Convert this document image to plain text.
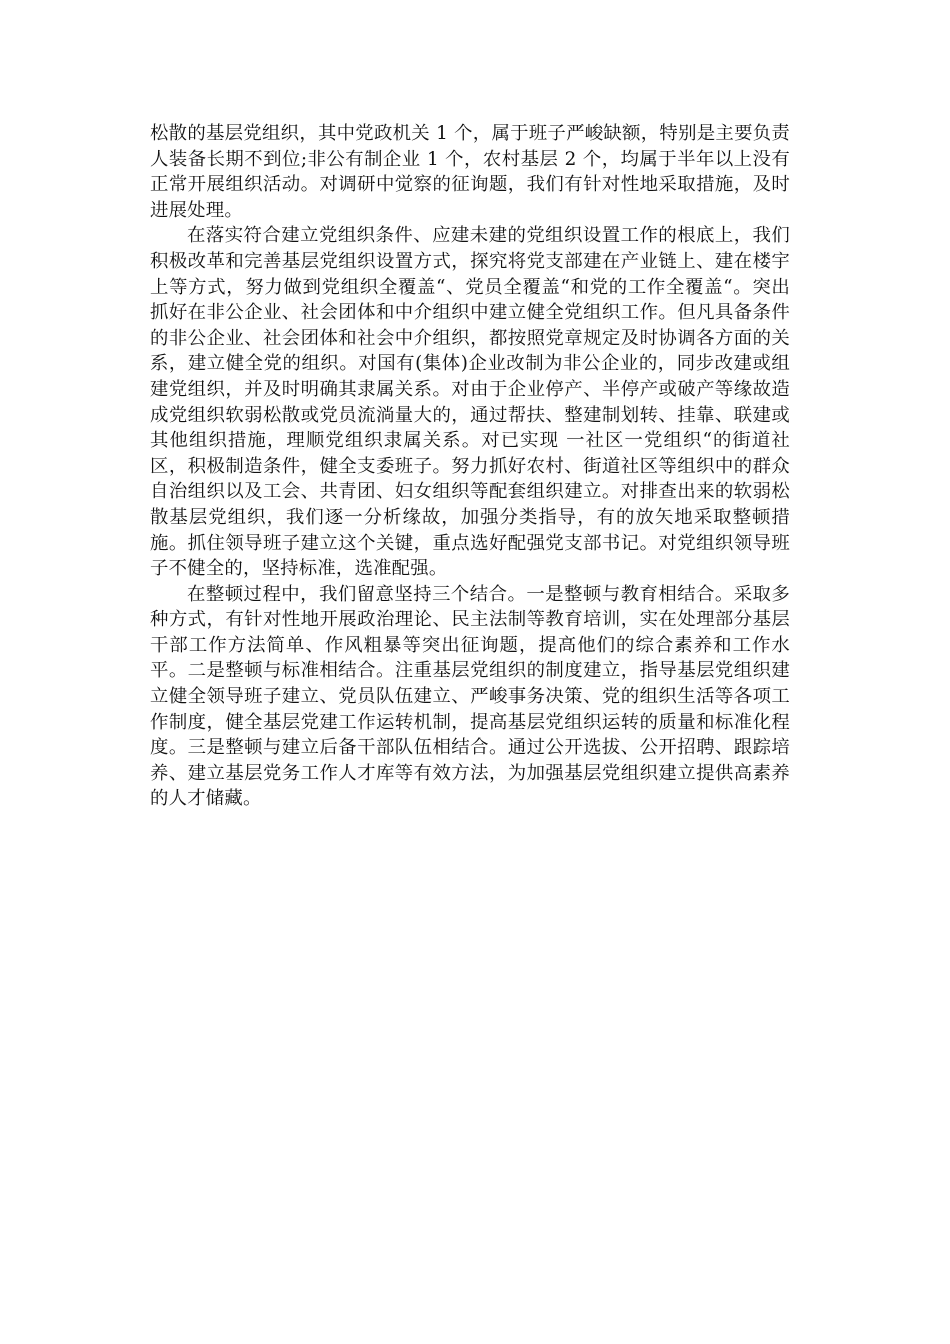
松散的基层党组织，其中党政机关 1 个，属于班子严峻缺额，特别是主要负责人装备长期不到位;非公有制企业 1 个，农村基层 2 个，均属于半年以上没有正常开展组织活动。对调研中觉察的征询题，我们有针对性地采取措施，及时进展处理。

在落实符合建立党组织条件、应建未建的党组织设置工作的根底上，我们积极改革和完善基层党组织设置方式，探究将党支部建在产业链上、建在楼宇上等方式，努力做到党组织全覆盖“、党员全覆盖“和党的工作全覆盖“。突出抓好在非公企业、社会团体和中介组织中建立健全党组织工作。但凡具备条件的非公企业、社会团体和社会中介组织，都按照党章规定及时协调各方面的关系，建立健全党的组织。对国有(集体)企业改制为非公企业的，同步改建或组建党组织，并及时明确其隶属关系。对由于企业停产、半停产或破产等缘故造成党组织软弱松散或党员流淌量大的，通过帮扶、整建制划转、挂靠、联建或其他组织措施，理顺党组织隶属关系。对已实现 一社区一党组织“的街道社区，积极制造条件，健全支委班子。努力抓好农村、街道社区等组织中的群众自治组织以及工会、共青团、妇女组织等配套组织建立。对排查出来的软弱松散基层党组织，我们逐一分析缘故，加强分类指导，有的放矢地采取整顿措施。抓住领导班子建立这个关键，重点选好配强党支部书记。对党组织领导班子不健全的，坚持标准，选准配强。

在整顿过程中，我们留意坚持三个结合。一是整顿与教育相结合。采取多种方式，有针对性地开展政治理论、民主法制等教育培训，实在处理部分基层干部工作方法简单、作风粗暴等突出征询题，提高他们的综合素养和工作水平。二是整顿与标准相结合。注重基层党组织的制度建立，指导基层党组织建立健全领导班子建立、党员队伍建立、严峻事务决策、党的组织生活等各项工作制度，健全基层党建工作运转机制，提高基层党组织运转的质量和标准化程度。三是整顿与建立后备干部队伍相结合。通过公开选拔、公开招聘、跟踪培养、建立基层党务工作人才库等有效方法，为加强基层党组织建立提供高素养的人才储藏。
